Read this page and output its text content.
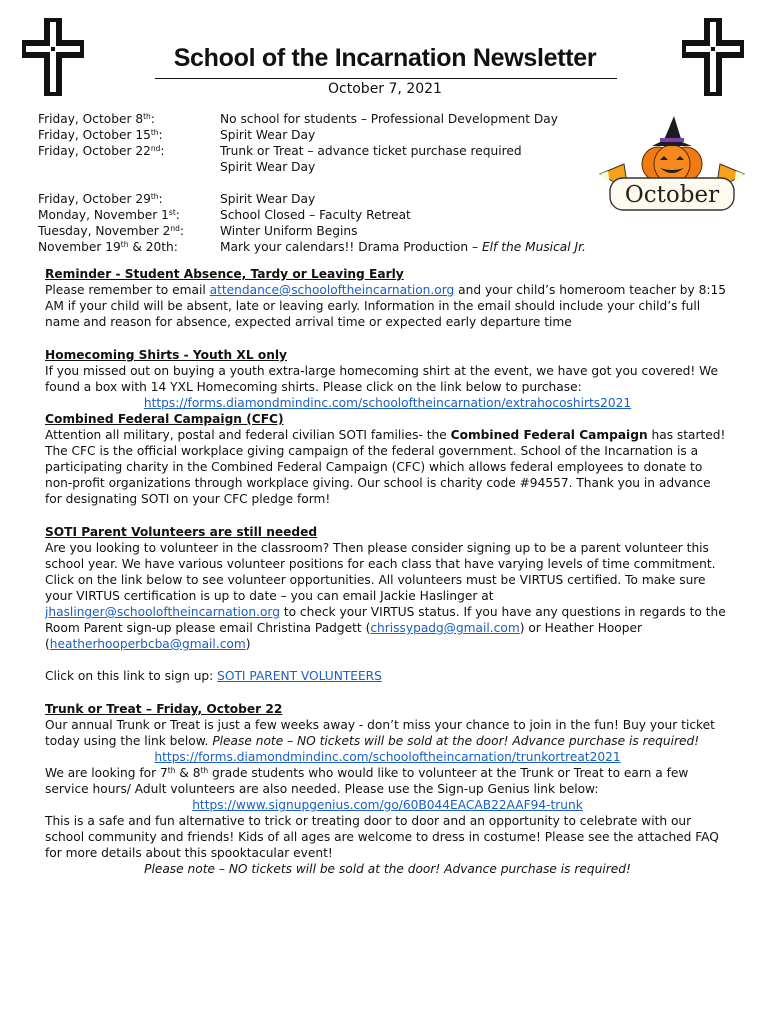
School of the Incarnation Newsletter
October 7, 2021
Friday, October 8th:	No school for students – Professional Development Day
Friday, October 15th:	Spirit Wear Day
Friday, October 22nd:	Trunk or Treat – advance ticket purchase required
Spirit Wear Day
Friday, October 29th:	Spirit Wear Day
Monday, November 1st:	School Closed – Faculty Retreat
Tuesday, November 2nd:	Winter Uniform Begins
November 19th & 20th:	Mark your calendars!! Drama Production – Elf the Musical Jr.
October

Reminder - Student Absence, Tardy or Leaving Early

Please remember to email attendance@schooloftheincarnation.org and your child’s homeroom teacher by 8:15 AM if your child will be absent, late or leaving early. Information in the email should include your child’s full name and reason for absence, expected arrival time or expected early departure time

Homecoming Shirts - Youth XL only

If you missed out on buying a youth extra-large homecoming shirt at the event, we have got you covered! We found a box with 14 YXL Homecoming shirts. Please click on the link below to purchase:

https://forms.diamondmindinc.com/schooloftheincarnation/extrahocoshirts2021

Combined Federal Campaign (CFC)

Attention all military, postal and federal civilian SOTI families- the Combined Federal Campaign has started! The CFC is the official workplace giving campaign of the federal government. School of the Incarnation is a participating charity in the Combined Federal Campaign (CFC) which allows federal employees to donate to non-profit organizations through workplace giving. Our school is charity code #94557. Thank you in advance for designating SOTI on your CFC pledge form!

SOTI Parent Volunteers are still needed

Are you looking to volunteer in the classroom? Then please consider signing up to be a parent volunteer this school year. We have various volunteer positions for each class that have varying levels of time commitment. Click on the link below to see volunteer opportunities. All volunteers must be VIRTUS certified. To make sure your VIRTUS certification is up to date – you can email Jackie Haslinger at jhaslinger@schooloftheincarnation.org to check your VIRTUS status. If you have any questions in regards to the Room Parent sign-up please email Christina Padgett (chrissypadg@gmail.com) or Heather Hooper (heatherhooperbcba@gmail.com)

Click on this link to sign up: SOTI PARENT VOLUNTEERS

Trunk or Treat – Friday, October 22

Our annual Trunk or Treat is just a few weeks away - don’t miss your chance to join in the fun! Buy your ticket today using the link below. Please note – NO tickets will be sold at the door! Advance purchase is required!

https://forms.diamondmindinc.com/schooloftheincarnation/trunkortreat2021

We are looking for 7th & 8th grade students who would like to volunteer at the Trunk or Treat to earn a few service hours/ Adult volunteers are also needed. Please use the Sign-up Genius link below:

https://www.signupgenius.com/go/60B044EACAB22AAF94-trunk

This is a safe and fun alternative to trick or treating door to door and an opportunity to celebrate with our school community and friends! Kids of all ages are welcome to dress in costume! Please see the attached FAQ for more details about this spooktacular event!

Please note – NO tickets will be sold at the door! Advance purchase is required!
